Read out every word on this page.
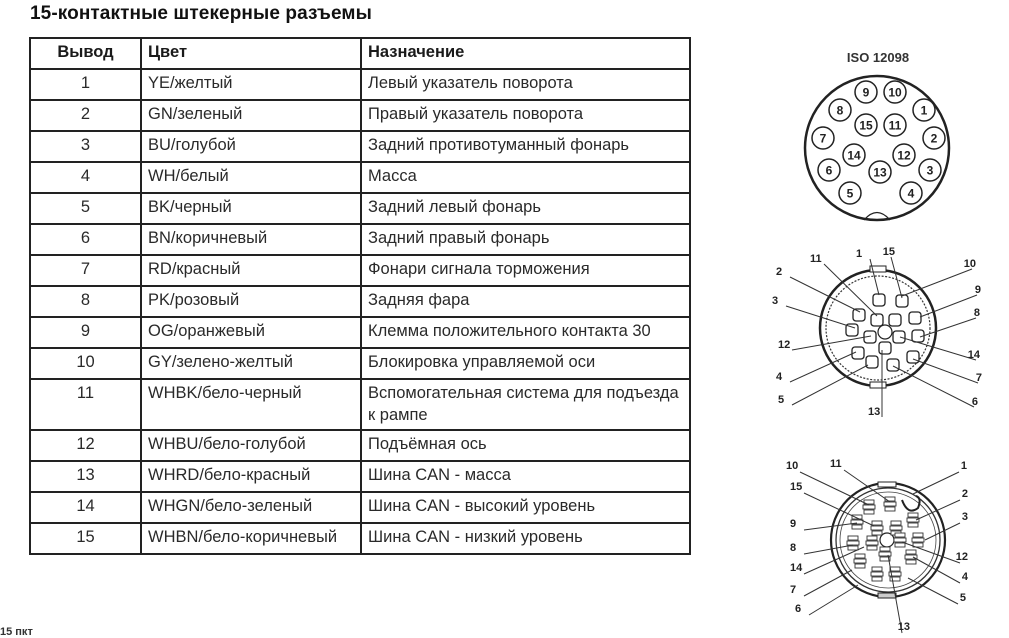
15-контактные штекерные разъемы
Вывод	Цвет	Назначение
1	YE/желтый	Левый указатель поворота
2	GN/зеленый	Правый указатель поворота
3	BU/голубой	Задний противотуманный фонарь
4	WH/белый	Масса
5	BK/черный	Задний левый фонарь
6	BN/коричневый	Задний правый фонарь
7	RD/красный	Фонари сигнала торможения
8	PK/розовый	Задняя фара
9	OG/оранжевый	Клемма положительного контакта 30
10	GY/зелено-желтый	Блокировка управляемой оси
11	WHBK/бело-черный	Вспомогательная система для подъезда к рампе
12	WHBU/бело-голубой	Подъёмная ось
13	WHRD/бело-красный	Шина CAN - масса
14	WHGN/бело-зеленый	Шина CAN - высокий уровень
15	WHBN/бело-коричневый	Шина CAN - низкий уровень
ISO 12098
1
2
3
4
5
6
7
8
9 10
11
12
13
14
15
1
2
3
4
5	6
7
8
9
10
11
12
13
14
15
1
2
3
4
5
6
7
8
9
10	11
12
13
14
15
15 пкт
